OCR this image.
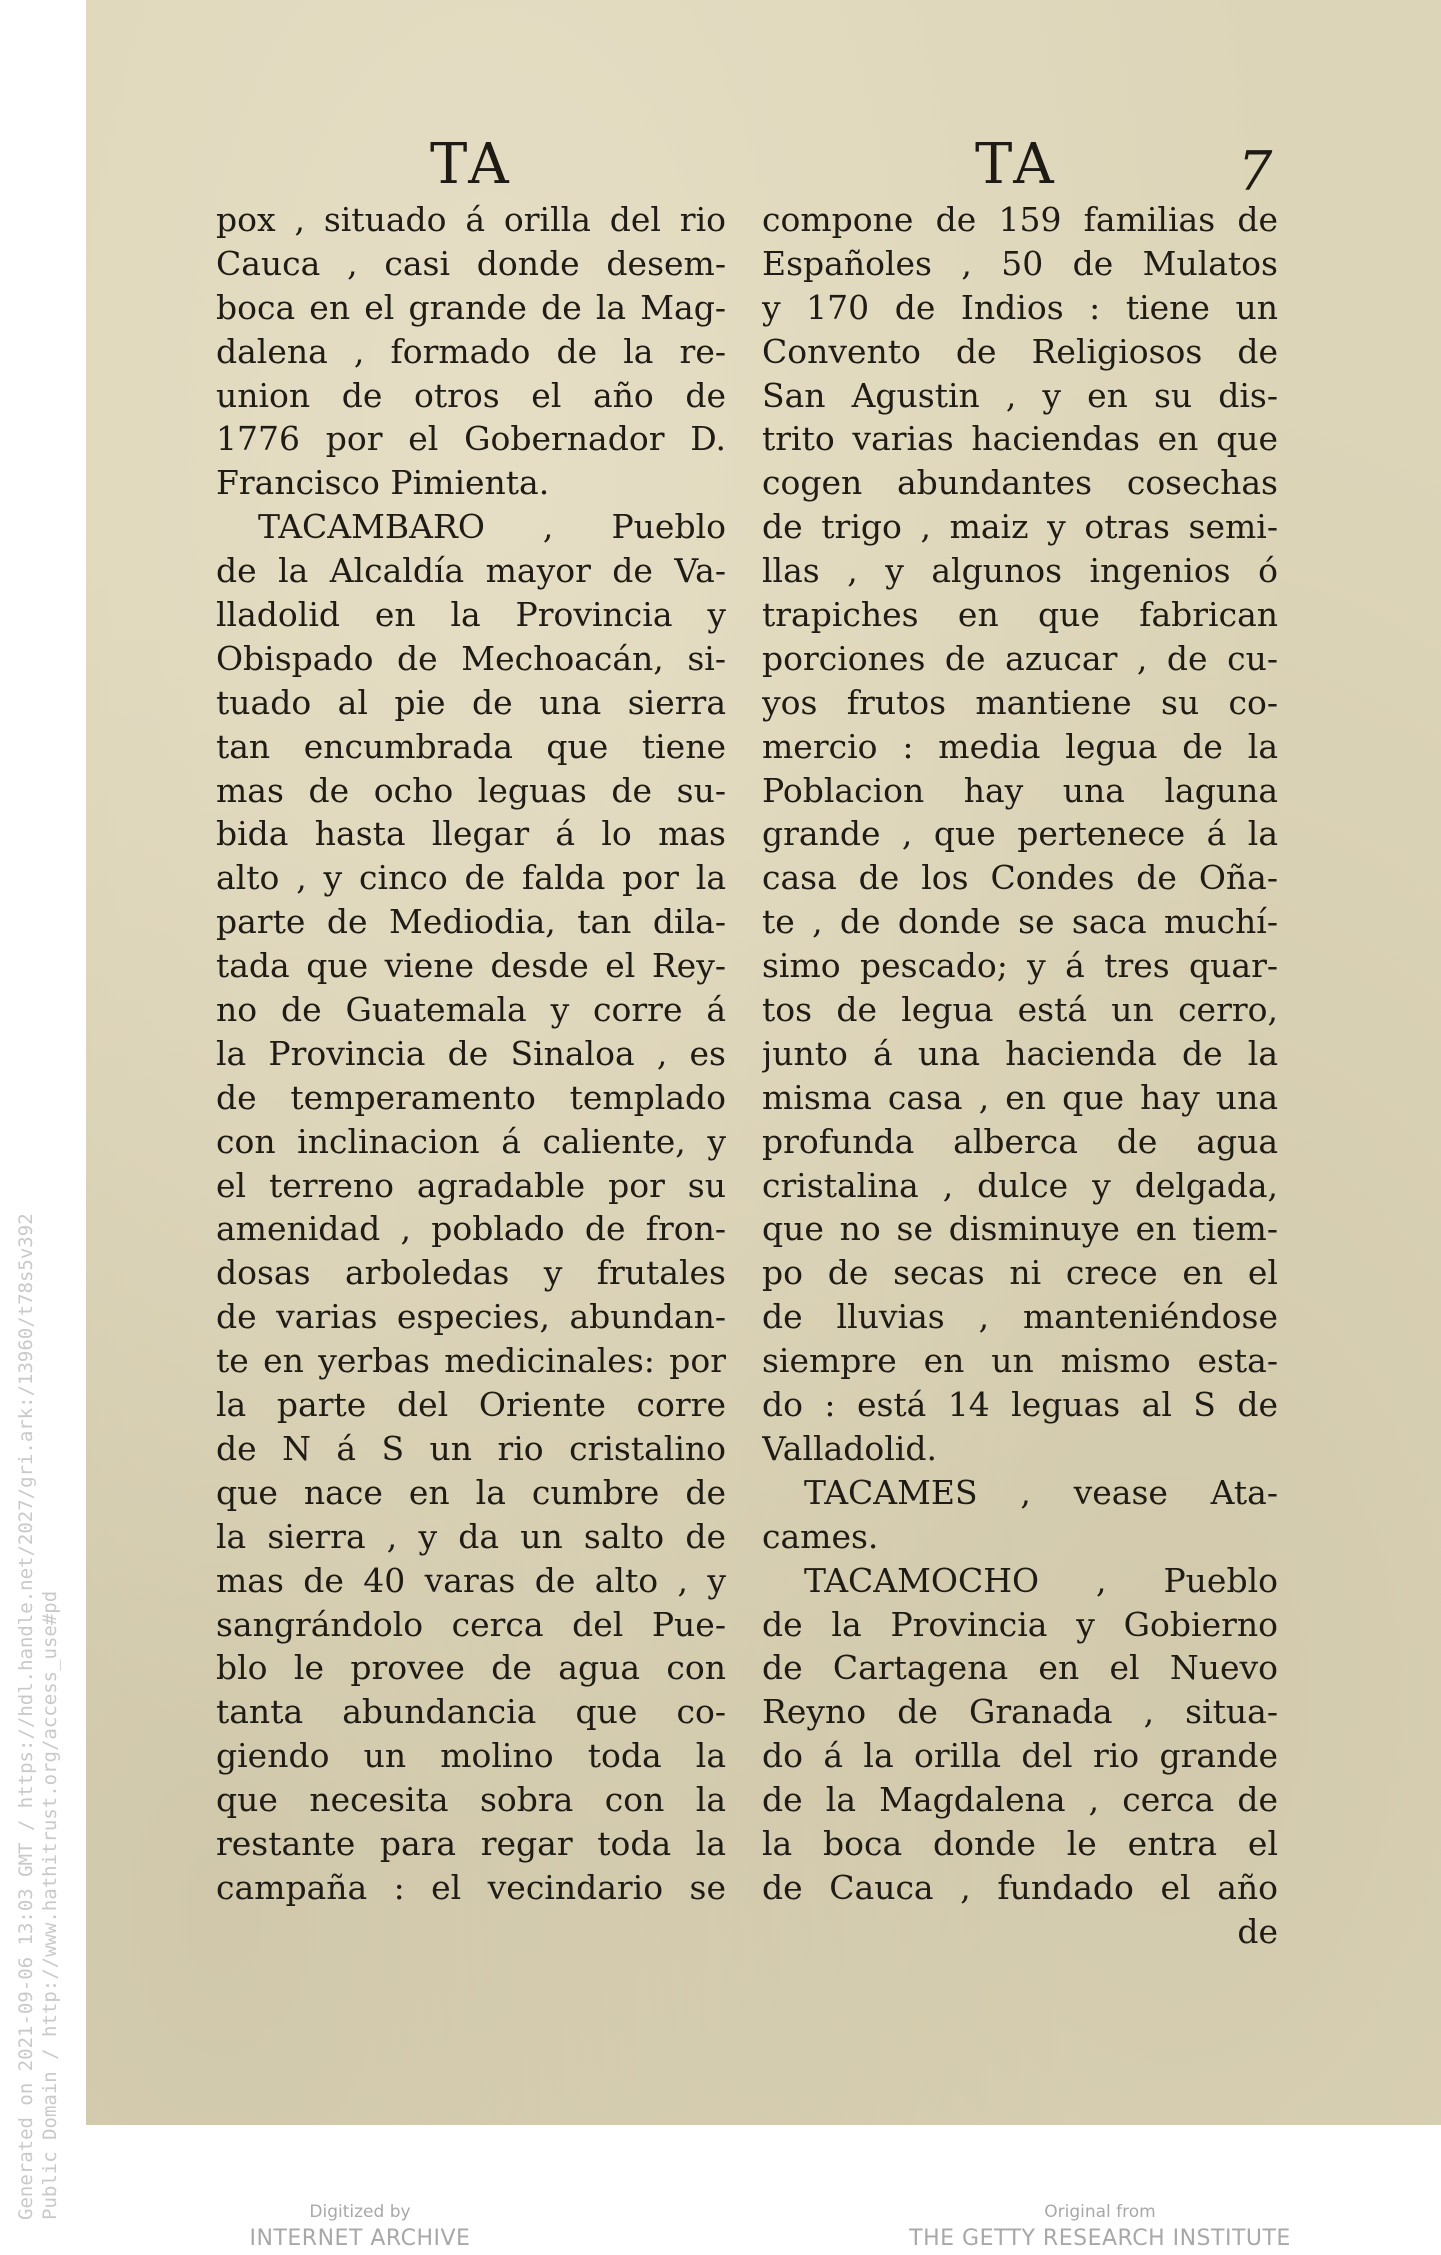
TA	TA	7
pox , situado á orilla del rio
Cauca , casi donde desem-
boca en el grande de la Mag-
dalena , formado de la re-
union de otros el año de
1776 por el Gobernador D.
Francisco Pimienta.
TACAMBARO , Pueblo
de la Alcaldía mayor de Va-
lladolid en la Provincia y
Obispado de Mechoacán, si-
tuado al pie de una sierra
tan encumbrada que tiene
mas de ocho leguas de su-
bida hasta llegar á lo mas
alto , y cinco de falda por la
parte de Mediodia, tan dila-
tada que viene desde el Rey-
no de Guatemala y corre á
la Provincia de Sinaloa , es
de temperamento templado
con inclinacion á caliente, y
el terreno agradable por su
amenidad , poblado de fron-
dosas arboledas y frutales
de varias especies, abundan-
te en yerbas medicinales: por
la parte del Oriente corre
de N á S un rio cristalino
que nace en la cumbre de
la sierra , y da un salto de
mas de 40 varas de alto , y
sangrándolo cerca del Pue-
blo le provee de agua con
tanta abundancia que co-
giendo un molino toda la
que necesita sobra con la
restante para regar toda la
campaña : el vecindario se
compone de 159 familias de
Españoles , 50 de Mulatos
y 170 de Indios : tiene un
Convento de Religiosos de
San Agustin , y en su dis-
trito varias haciendas en que
cogen abundantes cosechas
de trigo , maiz y otras semi-
llas , y algunos ingenios ó
trapiches en que fabrican
porciones de azucar , de cu-
yos frutos mantiene su co-
mercio : media legua de la
Poblacion hay una laguna
grande , que pertenece á la
casa de los Condes de Oña-
te , de donde se saca muchí-
simo pescado; y á tres quar-
tos de legua está un cerro,
junto á una hacienda de la
misma casa , en que hay una
profunda alberca de agua
cristalina , dulce y delgada,
que no se disminuye en tiem-
po de secas ni crece en el
de lluvias , manteniéndose
siempre en un mismo esta-
do : está 14 leguas al S de
Valladolid.
TACAMES , vease Ata-
cames.
TACAMOCHO , Pueblo
de la Provincia y Gobierno
de Cartagena en el Nuevo
Reyno de Granada , situa-
do á la orilla del rio grande
de la Magdalena , cerca de
la boca donde le entra el
de Cauca , fundado el año
de
Generated on 2021-09-06 13:03 GMT / https://hdl.handle.net/2027/gri.ark:/13960/t78s5v392 Public Domain / http://www.hathitrust.org/access_use#pd	Digitized by
INTERNET ARCHIVE
Original from
THE GETTY RESEARCH INSTITUTE
